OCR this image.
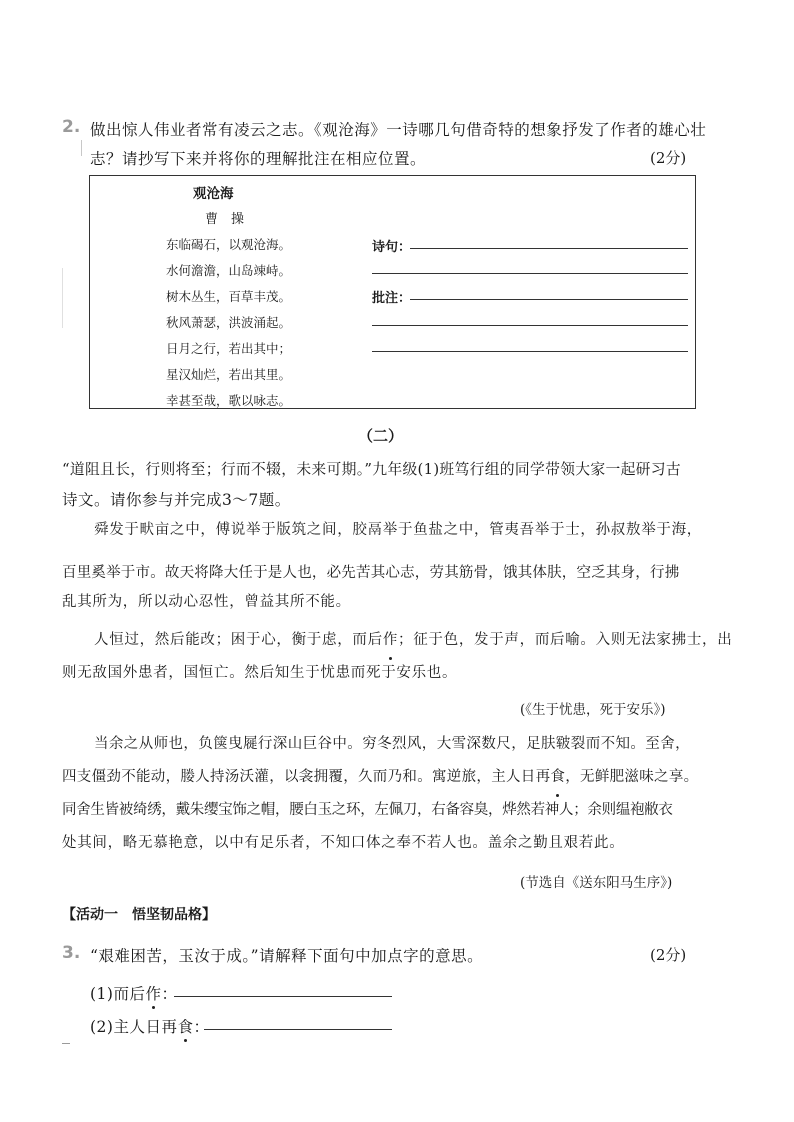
2. 做出惊人伟业者常有凌云之志。《观沧海》一诗哪几句借奇特的想象抒发了作者的雄心壮
志？请抄写下来并将你的理解批注在相应位置。	(2分)
观沧海
曹　操
东临碣石，以观沧海。
水何澹澹，山岛竦峙。
树木丛生，百草丰茂。
秋风萧瑟，洪波涌起。
日月之行，若出其中；
星汉灿烂，若出其里。
幸甚至哉，歌以咏志。
诗句：
批注：
（二）
“道阻且长，行则将至；行而不辍，未来可期。”九年级(1)班笃行组的同学带领大家一起研习古
诗文。请你参与并完成3～7题。
舜发于畎亩之中，傅说举于版筑之间，胶鬲举于鱼盐之中，管夷吾举于士，孙叔敖举于海，
百里奚举于市。故天将降大任于是人也，必先苦其心志，劳其筋骨，饿其体肤，空乏其身，行拂
乱其所为，所以动心忍性，曾益其所不能。
人恒过，然后能改；困于心，衡于虑，而后作；征于色，发于声，而后喻。入则无法家拂士，出
则无敌国外患者，国恒亡。然后知生于忧患而死于安乐也。
(《生于忧患，死于安乐》)
当余之从师也，负箧曳屣行深山巨谷中。穷冬烈风，大雪深数尺，足肤皲裂而不知。至舍，
四支僵劲不能动，媵人持汤沃灌，以衾拥覆，久而乃和。寓逆旅，主人日再食，无鲜肥滋味之享。
同舍生皆被绮绣，戴朱缨宝饰之帽，腰白玉之环，左佩刀，右备容臭，烨然若神人；余则缊袍敝衣
处其间，略无慕艳意，以中有足乐者，不知口体之奉不若人也。盖余之勤且艰若此。
(节选自《送东阳马生序》)
【活动一　悟坚韧品格】
3. “艰难困苦，玉汝于成。”请解释下面句中加点字的意思。	(2分)
(1)而后作：
(2)主人日再食：
